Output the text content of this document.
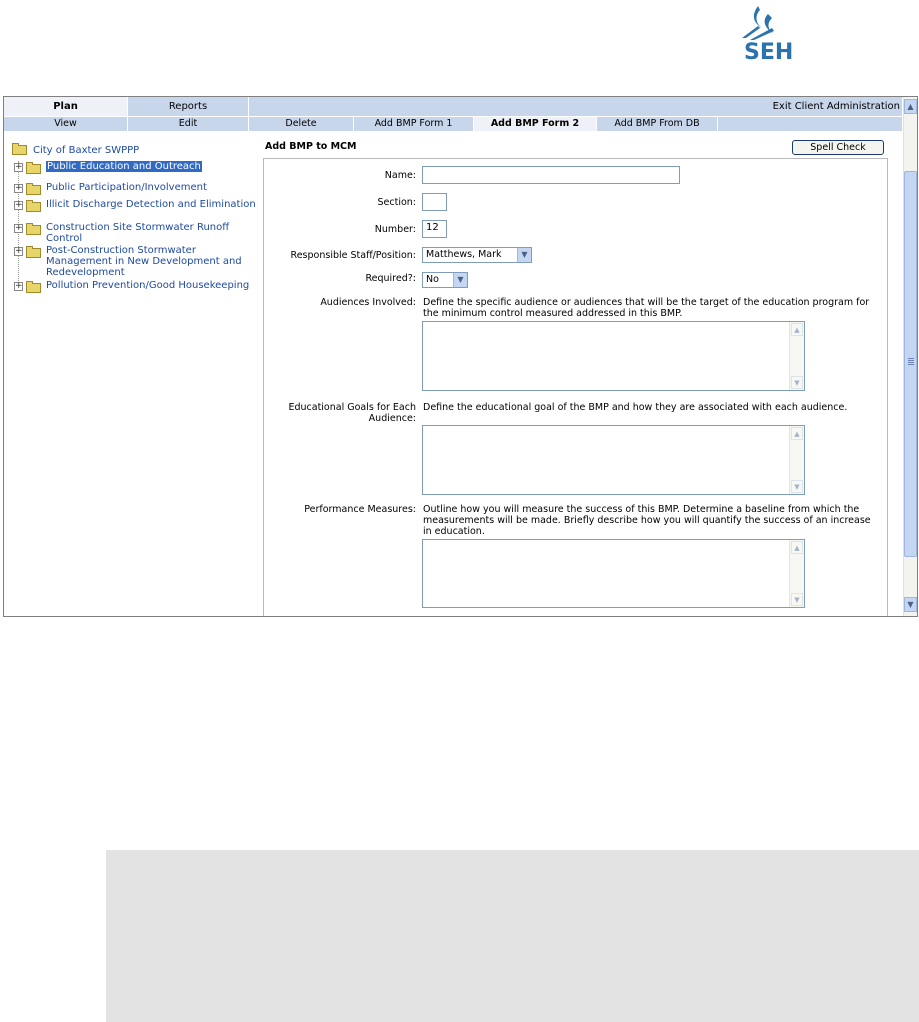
SEH
Plan	Reports	Exit Client Administration
View	Edit	Delete	Add BMP Form 1	Add BMP Form 2	Add BMP From DB
City of Baxter SWPPP
+ Public Education and Outreach
+ Public Participation/Involvement
+ Illicit Discharge Detection and Elimination
+ Construction Site Stormwater Runoff Control
+ Post-Construction Stormwater Management in New Development and Redevelopment
+ Pollution Prevention/Good Housekeeping
Add BMP to MCM	Spell Check
Name:
Section:
Number:	12
Responsible Staff/Position:	Matthews, Mark	▼
Required?:	No	▼
Audiences Involved: Define the specific audience or audiences that will be the target of the education program for the minimum control measured addressed in this BMP.
▲
▼
Educational Goals for Each Audience:
Define the educational goal of the BMP and how they are associated with each audience.
▲
▼
Performance Measures: Outline how you will measure the success of this BMP. Determine a baseline from which the measurements will be made. Briefly describe how you will quantify the success of an increase in education.
▲
▼
▲
▼
